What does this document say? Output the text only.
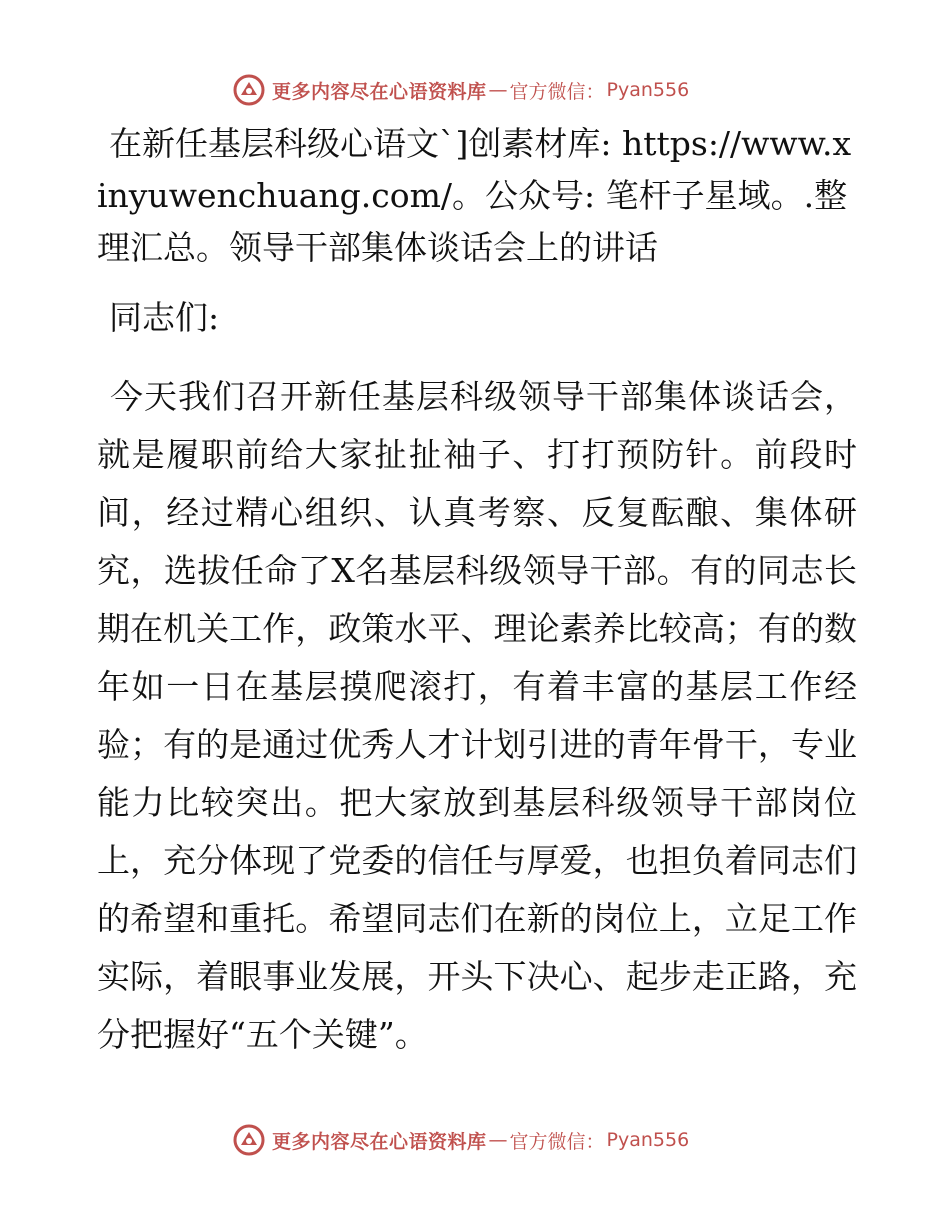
更多内容尽在心语资料库 — 官方微信： Pyan556

在新任基层科级心语文`]创素材库: https://www.xinyuwenchuang.com/。公众号: 笔杆子星域。.整理汇总。领导干部集体谈话会上的讲话

同志们:

今天我们召开新任基层科级领导干部集体谈话会，就是履职前给大家扯扯袖子、打打预防针。前段时间，经过精心组织、认真考察、反复酝酿、集体研究，选拔任命了X名基层科级领导干部。有的同志长期在机关工作，政策水平、理论素养比较高；有的数年如一日在基层摸爬滚打，有着丰富的基层工作经验；有的是通过优秀人才计划引进的青年骨干，专业能力比较突出。把大家放到基层科级领导干部岗位上，充分体现了党委的信任与厚爱，也担负着同志们的希望和重托。希望同志们在新的岗位上，立足工作实际，着眼事业发展，开头下决心、起步走正路，充分把握好“五个关键”。

更多内容尽在心语资料库 — 官方微信： Pyan556
